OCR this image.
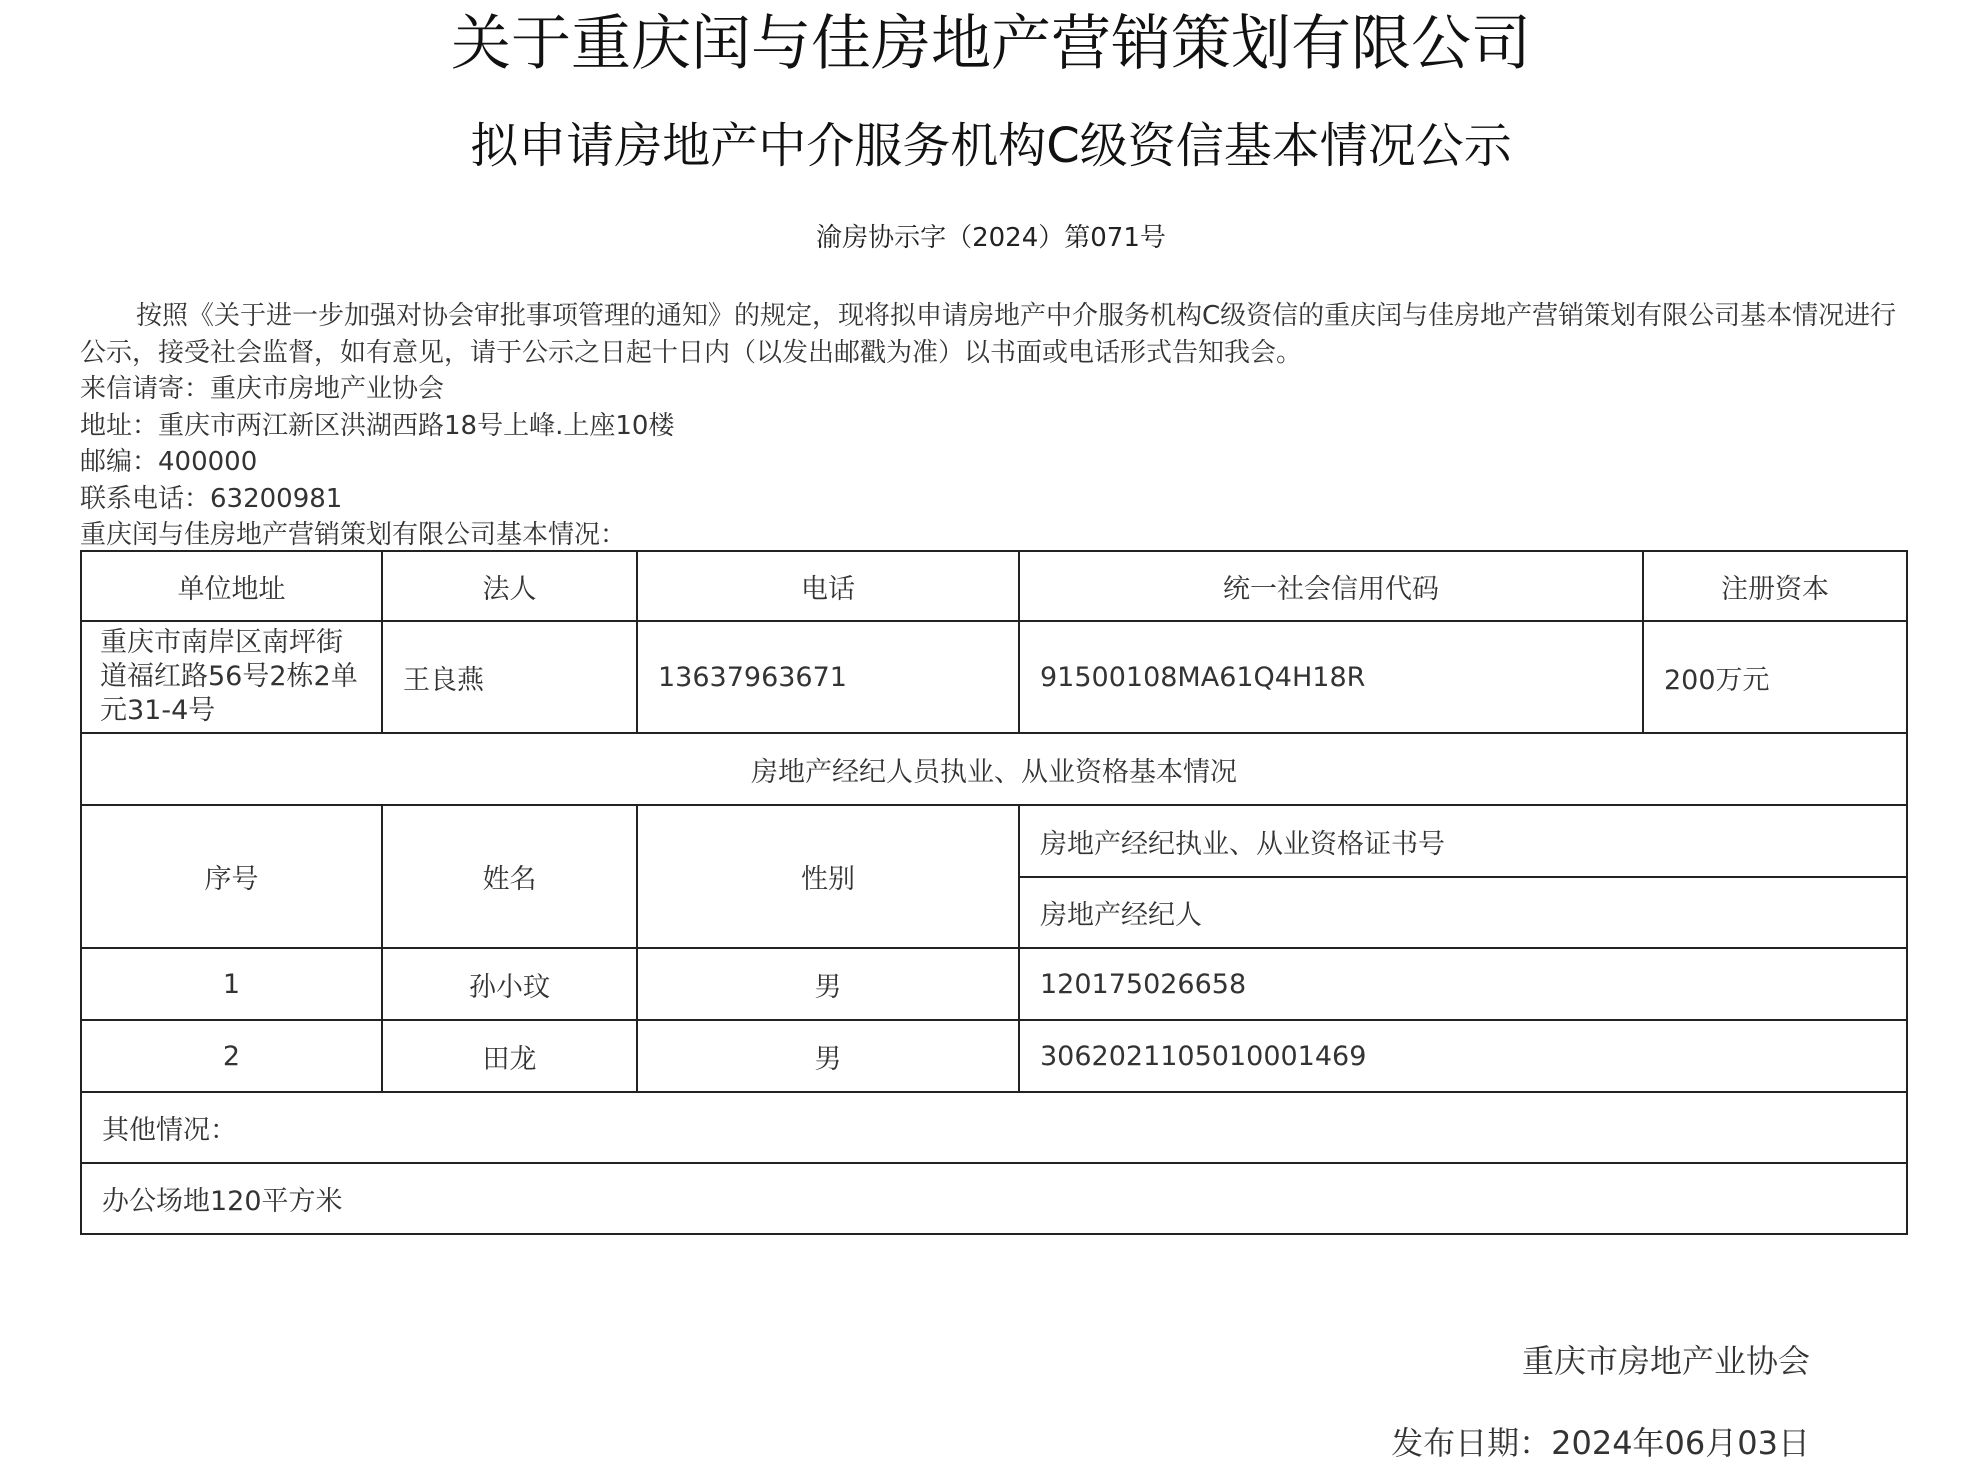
关于重庆闰与佳房地产营销策划有限公司
拟申请房地产中介服务机构C级资信基本情况公示
渝房协示字（2024）第071号

按照《关于进一步加强对协会审批事项管理的通知》的规定，现将拟申请房地产中介服务机构C级资信的重庆闰与佳房地产营销策划有限公司基本情况进行公示，接受社会监督，如有意见，请于公示之日起十日内（以发出邮戳为准）以书面或电话形式告知我会。

来信请寄：重庆市房地产业协会

地址：重庆市两江新区洪湖西路18号上峰.上座10楼

邮编：400000

联系电话：63200981

重庆闰与佳房地产营销策划有限公司基本情况：

单位地址	法人	电话	统一社会信用代码	注册资本
重庆市南岸区南坪街道福红路56号2栋2单元31-4号	王良燕	13637963671	91500108MA61Q4H18R	200万元
房地产经纪人员执业、从业资格基本情况				
序号	姓名	性别	房地产经纪执业、从业资格证书号	
			房地产经纪人	
1	孙小玟	男	120175026658	
2	田龙	男	3062021105010001469	
其他情况：				
办公场地120平方米				
重庆市房地产业协会
发布日期：2024年06月03日
